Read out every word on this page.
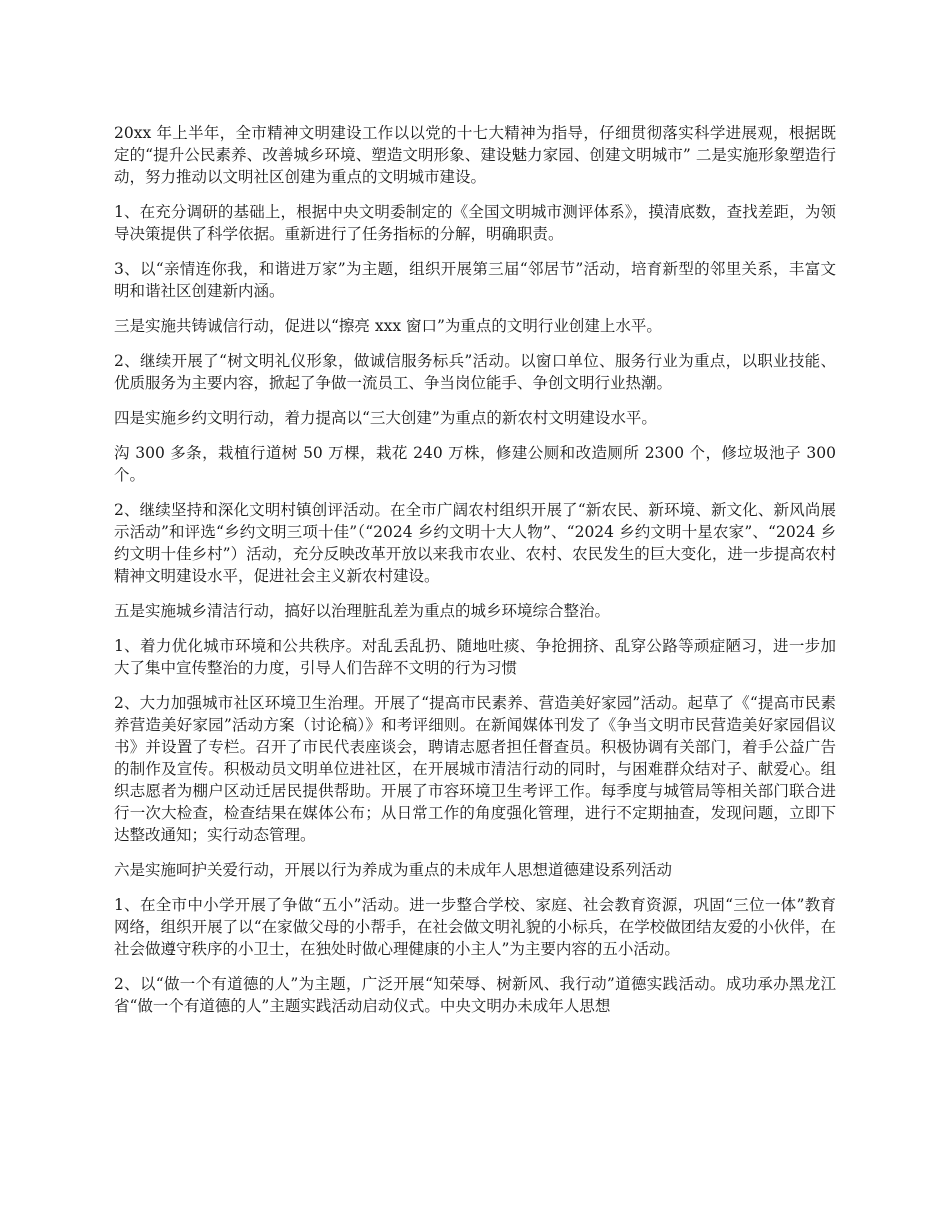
20xx 年上半年，全市精神文明建设工作以以党的十七大精神为指导，仔细贯彻落实科学进展观，根据既定的“提升公民素养、改善城乡环境、塑造文明形象、建设魅力家园、创建文明城市” 二是实施形象塑造行动，努力推动以文明社区创建为重点的文明城市建设。

1、在充分调研的基础上，根据中央文明委制定的《全国文明城市测评体系》，摸清底数，查找差距，为领导决策提供了科学依据。重新进行了任务指标的分解，明确职责。

3、以“亲情连你我，和谐进万家”为主题，组织开展第三届“邻居节”活动，培育新型的邻里关系，丰富文明和谐社区创建新内涵。

三是实施共铸诚信行动，促进以“擦亮 xxx 窗口”为重点的文明行业创建上水平。

2、继续开展了“树文明礼仪形象，做诚信服务标兵”活动。以窗口单位、服务行业为重点，以职业技能、优质服务为主要内容，掀起了争做一流员工、争当岗位能手、争创文明行业热潮。

四是实施乡约文明行动，着力提高以“三大创建”为重点的新农村文明建设水平。

沟 300 多条，栽植行道树 50 万棵，栽花 240 万株，修建公厕和改造厕所 2300 个，修垃圾池子 300 个。

2、继续坚持和深化文明村镇创评活动。在全市广阔农村组织开展了“新农民、新环境、新文化、新风尚展示活动”和评选“乡约文明三项十佳”（“2024 乡约文明十大人物”、“2024 乡约文明十星农家”、“2024 乡约文明十佳乡村”）活动，充分反映改革开放以来我市农业、农村、农民发生的巨大变化，进一步提高农村精神文明建设水平，促进社会主义新农村建设。

五是实施城乡清洁行动，搞好以治理脏乱差为重点的城乡环境综合整治。

1、着力优化城市环境和公共秩序。对乱丢乱扔、随地吐痰、争抢拥挤、乱穿公路等顽症陋习，进一步加大了集中宣传整治的力度，引导人们告辞不文明的行为习惯

2、大力加强城市社区环境卫生治理。开展了“提高市民素养、营造美好家园”活动。起草了《“提高市民素养营造美好家园”活动方案（讨论稿）》和考评细则。在新闻媒体刊发了《争当文明市民营造美好家园倡议书》并设置了专栏。召开了市民代表座谈会，聘请志愿者担任督查员。积极协调有关部门，着手公益广告的制作及宣传。积极动员文明单位进社区，在开展城市清洁行动的同时，与困难群众结对子、献爱心。组织志愿者为棚户区动迁居民提供帮助。开展了市容环境卫生考评工作。每季度与城管局等相关部门联合进行一次大检查，检查结果在媒体公布；从日常工作的角度强化管理，进行不定期抽查，发现问题，立即下达整改通知；实行动态管理。

六是实施呵护关爱行动，开展以行为养成为重点的未成年人思想道德建设系列活动

1、在全市中小学开展了争做“五小”活动。进一步整合学校、家庭、社会教育资源，巩固“三位一体”教育网络，组织开展了以“在家做父母的小帮手，在社会做文明礼貌的小标兵，在学校做团结友爱的小伙伴，在社会做遵守秩序的小卫士，在独处时做心理健康的小主人”为主要内容的五小活动。

2、以“做一个有道德的人”为主题，广泛开展“知荣辱、树新风、我行动”道德实践活动。成功承办黑龙江省“做一个有道德的人”主题实践活动启动仪式。中央文明办未成年人思想
